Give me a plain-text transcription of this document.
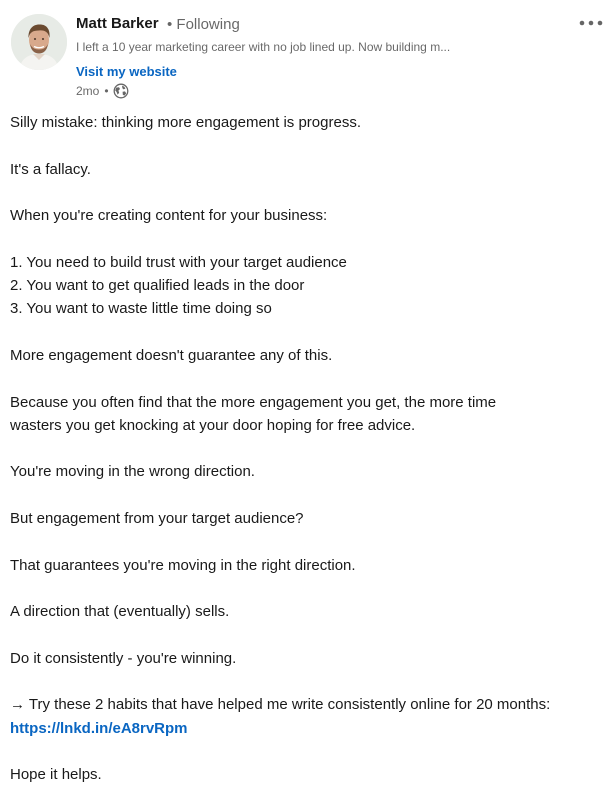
Matt Barker • Following
I left a 10 year marketing career with no job lined up. Now building m...
Visit my website
2mo •

Silly mistake: thinking more engagement is progress.

It's a fallacy.

When you're creating content for your business:

1. You need to build trust with your target audience
2. You want to get qualified leads in the door
3. You want to waste little time doing so

More engagement doesn't guarantee any of this.

Because you often find that the more engagement you get, the more time
wasters you get knocking at your door hoping for free advice.

You're moving in the wrong direction.

But engagement from your target audience?

That guarantees you're moving in the right direction.

A direction that (eventually) sells.

Do it consistently - you're winning.

→ Try these 2 habits that have helped me write consistently online for 20 months:
https://lnkd.in/eA8rvRpm

Hope it helps.
